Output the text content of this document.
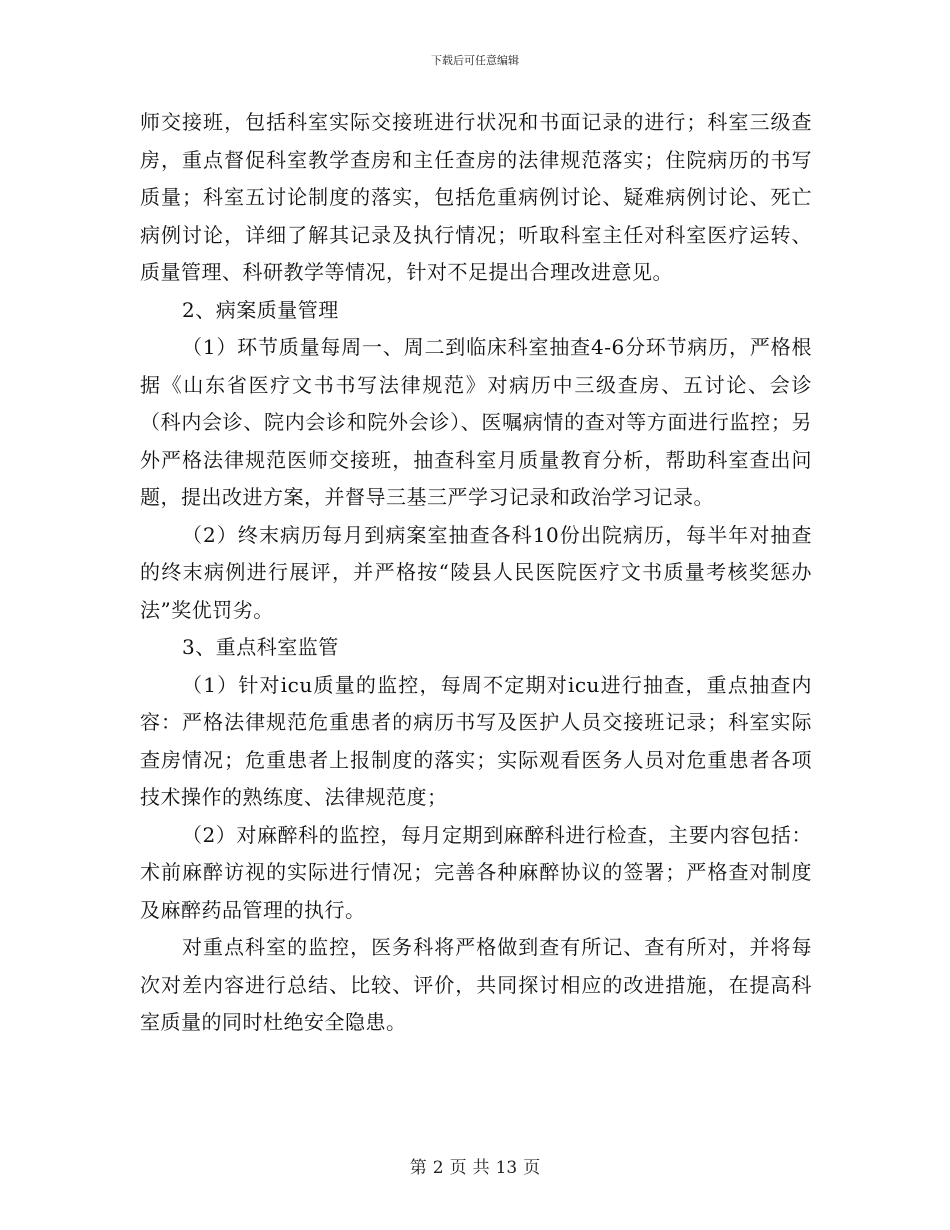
下载后可任意编辑

师交接班，包括科室实际交接班进行状况和书面记录的进行；科室三级查房，重点督促科室教学查房和主任查房的法律规范落实；住院病历的书写质量；科室五讨论制度的落实，包括危重病例讨论、疑难病例讨论、死亡病例讨论，详细了解其记录及执行情况；听取科室主任对科室医疗运转、质量管理、科研教学等情况，针对不足提出合理改进意见。

2、病案质量管理

（1）环节质量每周一、周二到临床科室抽查4-6分环节病历，严格根据《山东省医疗文书书写法律规范》对病历中三级查房、五讨论、会诊（科内会诊、院内会诊和院外会诊）、医嘱病情的查对等方面进行监控；另外严格法律规范医师交接班，抽查科室月质量教育分析，帮助科室查出问题，提出改进方案，并督导三基三严学习记录和政治学习记录。

（2）终末病历每月到病案室抽查各科10份出院病历，每半年对抽查的终末病例进行展评，并严格按“陵县人民医院医疗文书质量考核奖惩办法”奖优罚劣。

3、重点科室监管

（1）针对icu质量的监控，每周不定期对icu进行抽查，重点抽查内容：严格法律规范危重患者的病历书写及医护人员交接班记录；科室实际查房情况；危重患者上报制度的落实；实际观看医务人员对危重患者各项技术操作的熟练度、法律规范度；

（2）对麻醉科的监控，每月定期到麻醉科进行检查，主要内容包括：术前麻醉访视的实际进行情况；完善各种麻醉协议的签署；严格查对制度及麻醉药品管理的执行。

对重点科室的监控，医务科将严格做到查有所记、查有所对，并将每次对差内容进行总结、比较、评价，共同探讨相应的改进措施，在提高科室质量的同时杜绝安全隐患。

第 2 页 共 13 页
